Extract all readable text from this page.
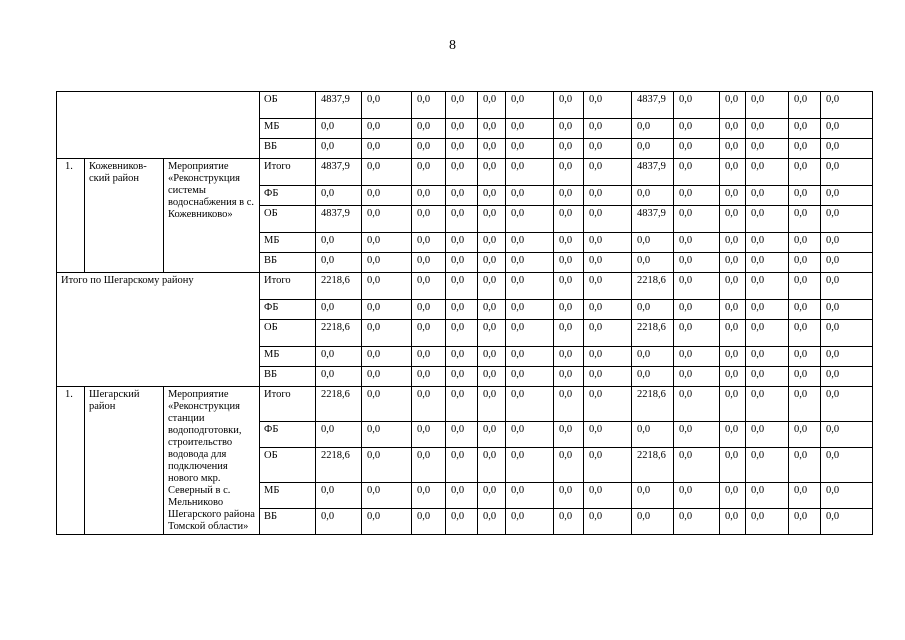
8
			ОБ	4837,9	0,0	0,0	0,0	0,0	0,0	0,0	0,0	4837,9	0,0	0,0	0,0	0,0	0,0
			МБ	0,0	0,0	0,0	0,0	0,0	0,0	0,0	0,0	0,0	0,0	0,0	0,0	0,0	0,0
			ВБ	0,0	0,0	0,0	0,0	0,0	0,0	0,0	0,0	0,0	0,0	0,0	0,0	0,0	0,0
1.	Кожевников-ский район	Мероприятие «Реконструкция системы водоснабжения в с. Кожевниково»	Итого	4837,9	0,0	0,0	0,0	0,0	0,0	0,0	0,0	4837,9	0,0	0,0	0,0	0,0	0,0
			ФБ	0,0	0,0	0,0	0,0	0,0	0,0	0,0	0,0	0,0	0,0	0,0	0,0	0,0	0,0
			ОБ	4837,9	0,0	0,0	0,0	0,0	0,0	0,0	0,0	4837,9	0,0	0,0	0,0	0,0	0,0
			МБ	0,0	0,0	0,0	0,0	0,0	0,0	0,0	0,0	0,0	0,0	0,0	0,0	0,0	0,0
			ВБ	0,0	0,0	0,0	0,0	0,0	0,0	0,0	0,0	0,0	0,0	0,0	0,0	0,0	0,0
Итого по Шегарскому району			Итого	2218,6	0,0	0,0	0,0	0,0	0,0	0,0	0,0	2218,6	0,0	0,0	0,0	0,0	0,0
			ФБ	0,0	0,0	0,0	0,0	0,0	0,0	0,0	0,0	0,0	0,0	0,0	0,0	0,0	0,0
			ОБ	2218,6	0,0	0,0	0,0	0,0	0,0	0,0	0,0	2218,6	0,0	0,0	0,0	0,0	0,0
			МБ	0,0	0,0	0,0	0,0	0,0	0,0	0,0	0,0	0,0	0,0	0,0	0,0	0,0	0,0
			ВБ	0,0	0,0	0,0	0,0	0,0	0,0	0,0	0,0	0,0	0,0	0,0	0,0	0,0	0,0
1.	Шегарский район	Мероприятие «Реконструкция станции водоподготовки, строительство водовода для подключения нового мкр. Северный в с. Мельниково Шегарского района Томской области»	Итого	2218,6	0,0	0,0	0,0	0,0	0,0	0,0	0,0	2218,6	0,0	0,0	0,0	0,0	0,0
			ФБ	0,0	0,0	0,0	0,0	0,0	0,0	0,0	0,0	0,0	0,0	0,0	0,0	0,0	0,0
			ОБ	2218,6	0,0	0,0	0,0	0,0	0,0	0,0	0,0	2218,6	0,0	0,0	0,0	0,0	0,0
			МБ	0,0	0,0	0,0	0,0	0,0	0,0	0,0	0,0	0,0	0,0	0,0	0,0	0,0	0,0
			ВБ	0,0	0,0	0,0	0,0	0,0	0,0	0,0	0,0	0,0	0,0	0,0	0,0	0,0	0,0
